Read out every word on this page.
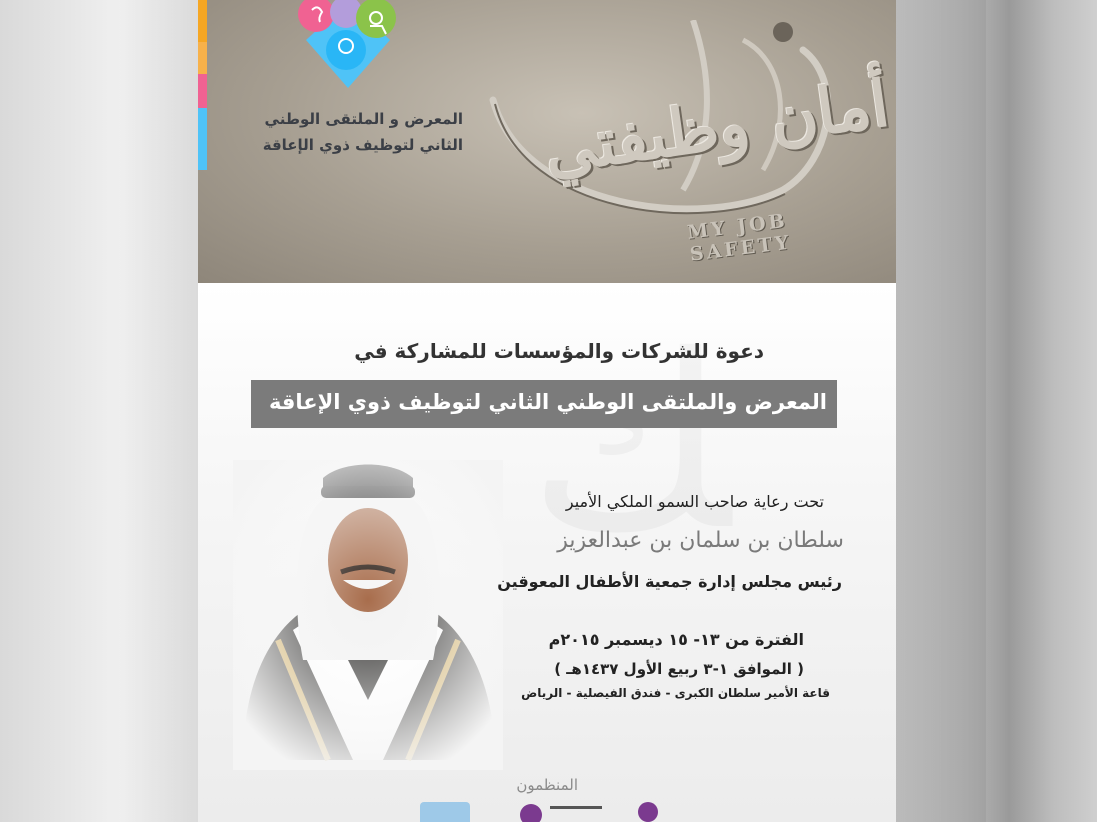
المعرض و الملتقى الوطني
الثاني لتوظيف ذوي الإعاقة أمان وظيفتي
MY JOB SAFETY
دعوة للشركات والمؤسسات للمشاركة في
المعرض والملتقى الوطني الثاني لتوظيف ذوي الإعاقة
تحت رعاية صاحب السمو الملكي الأمير
سلطان بن سلمان بن عبدالعزيز
رئيس مجلس إدارة جمعية الأطفال المعوقين
الفترة من ١٣- ١٥ ديسمبر ٢٠١٥م
( الموافق ١-٣ ربيع الأول ١٤٣٧هـ )
قاعة الأمير سلطان الكبرى - فندق الفيصلية - الرياض
المنظمون
